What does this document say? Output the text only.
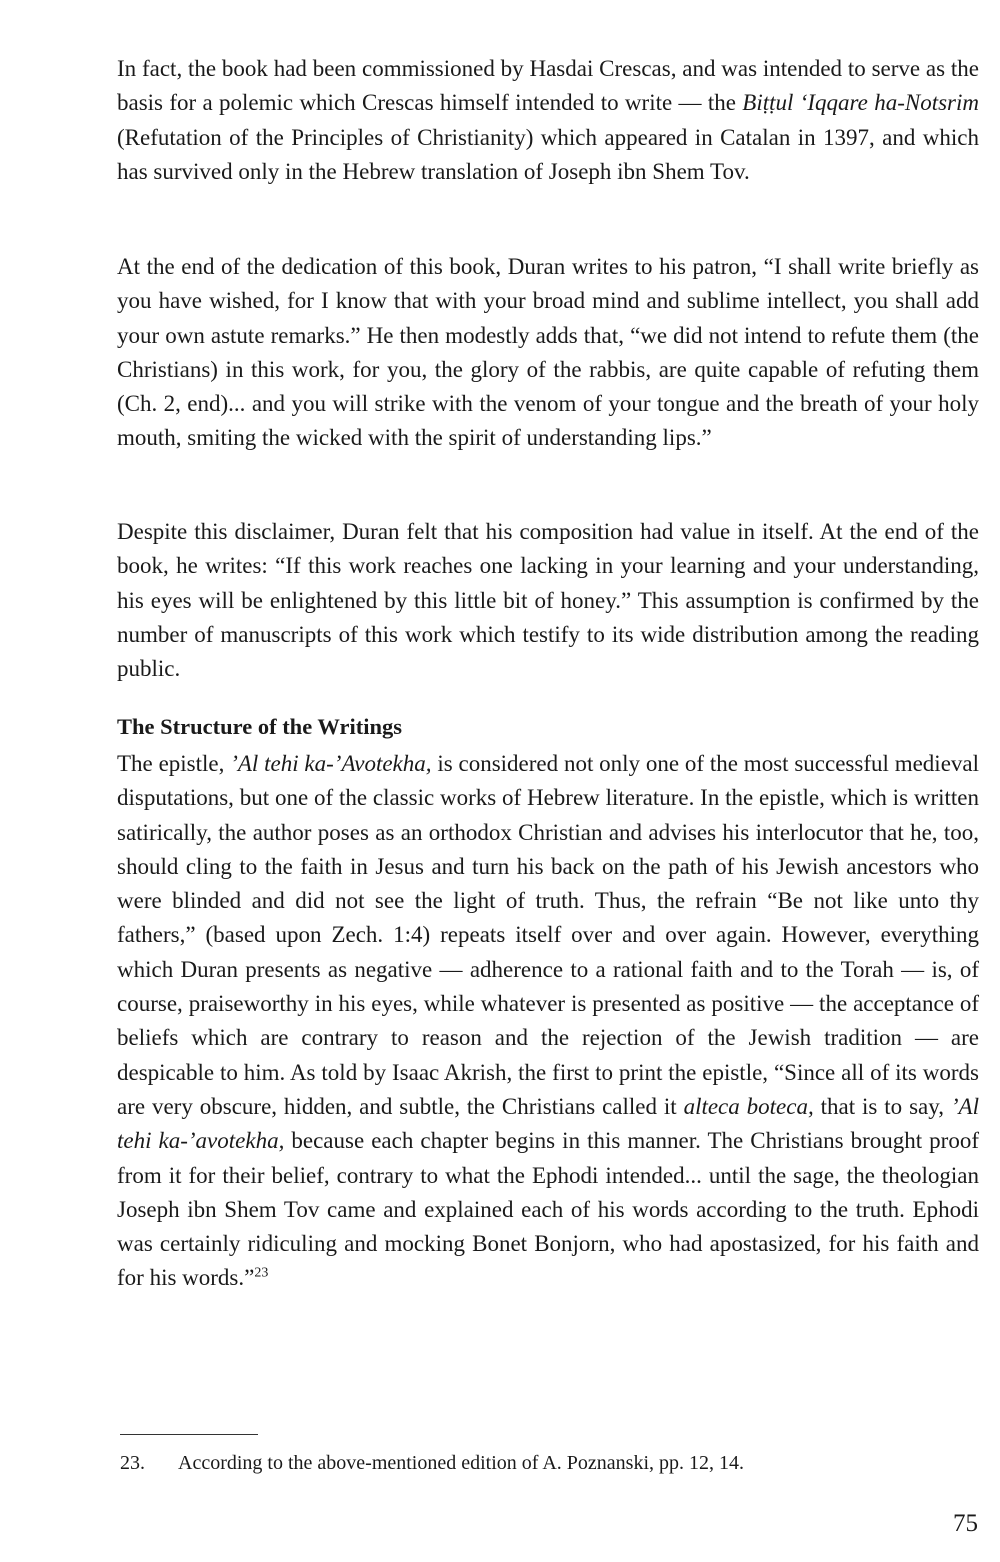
In fact, the book had been commissioned by Hasdai Crescas, and was intended to serve as the basis for a polemic which Crescas himself intended to write — the Biṭṭul ‘Iqqare ha-Notsrim (Refutation of the Principles of Christianity) which appeared in Catalan in 1397, and which has survived only in the Hebrew translation of Joseph ibn Shem Tov.

At the end of the dedication of this book, Duran writes to his patron, “I shall write briefly as you have wished, for I know that with your broad mind and sublime intellect, you shall add your own astute remarks.” He then modestly adds that, “we did not intend to refute them (the Christians) in this work, for you, the glory of the rabbis, are quite capable of refuting them (Ch. 2, end)... and you will strike with the venom of your tongue and the breath of your holy mouth, smiting the wicked with the spirit of understanding lips.”

Despite this disclaimer, Duran felt that his composition had value in itself. At the end of the book, he writes: “If this work reaches one lacking in your learning and your understanding, his eyes will be enlightened by this little bit of honey.” This assumption is confirmed by the number of manuscripts of this work which testify to its wide distribution among the reading public.

The Structure of the Writings

The epistle, ’Al tehi ka-’Avotekha, is considered not only one of the most successful medieval disputations, but one of the classic works of Hebrew literature. In the epistle, which is written satirically, the author poses as an orthodox Christian and advises his interlocutor that he, too, should cling to the faith in Jesus and turn his back on the path of his Jewish ancestors who were blinded and did not see the light of truth. Thus, the refrain “Be not like unto thy fathers,” (based upon Zech. 1:4) repeats itself over and over again. However, everything which Duran presents as negative — adherence to a rational faith and to the Torah — is, of course, praiseworthy in his eyes, while whatever is presented as positive — the acceptance of beliefs which are contrary to reason and the rejection of the Jewish tradition — are despicable to him. As told by Isaac Akrish, the first to print the epistle, “Since all of its words are very obscure, hidden, and subtle, the Christians called it alteca boteca, that is to say, ’Al tehi ka-’avotekha, because each chapter begins in this manner. The Christians brought proof from it for their belief, contrary to what the Ephodi intended... until the sage, the theologian Joseph ibn Shem Tov came and explained each of his words according to the truth. Ephodi was certainly ridiculing and mocking Bonet Bonjorn, who had apostasized, for his faith and for his words.”$^{23}$

23. According to the above-mentioned edition of A. Poznanski, pp. 12, 14.

75
